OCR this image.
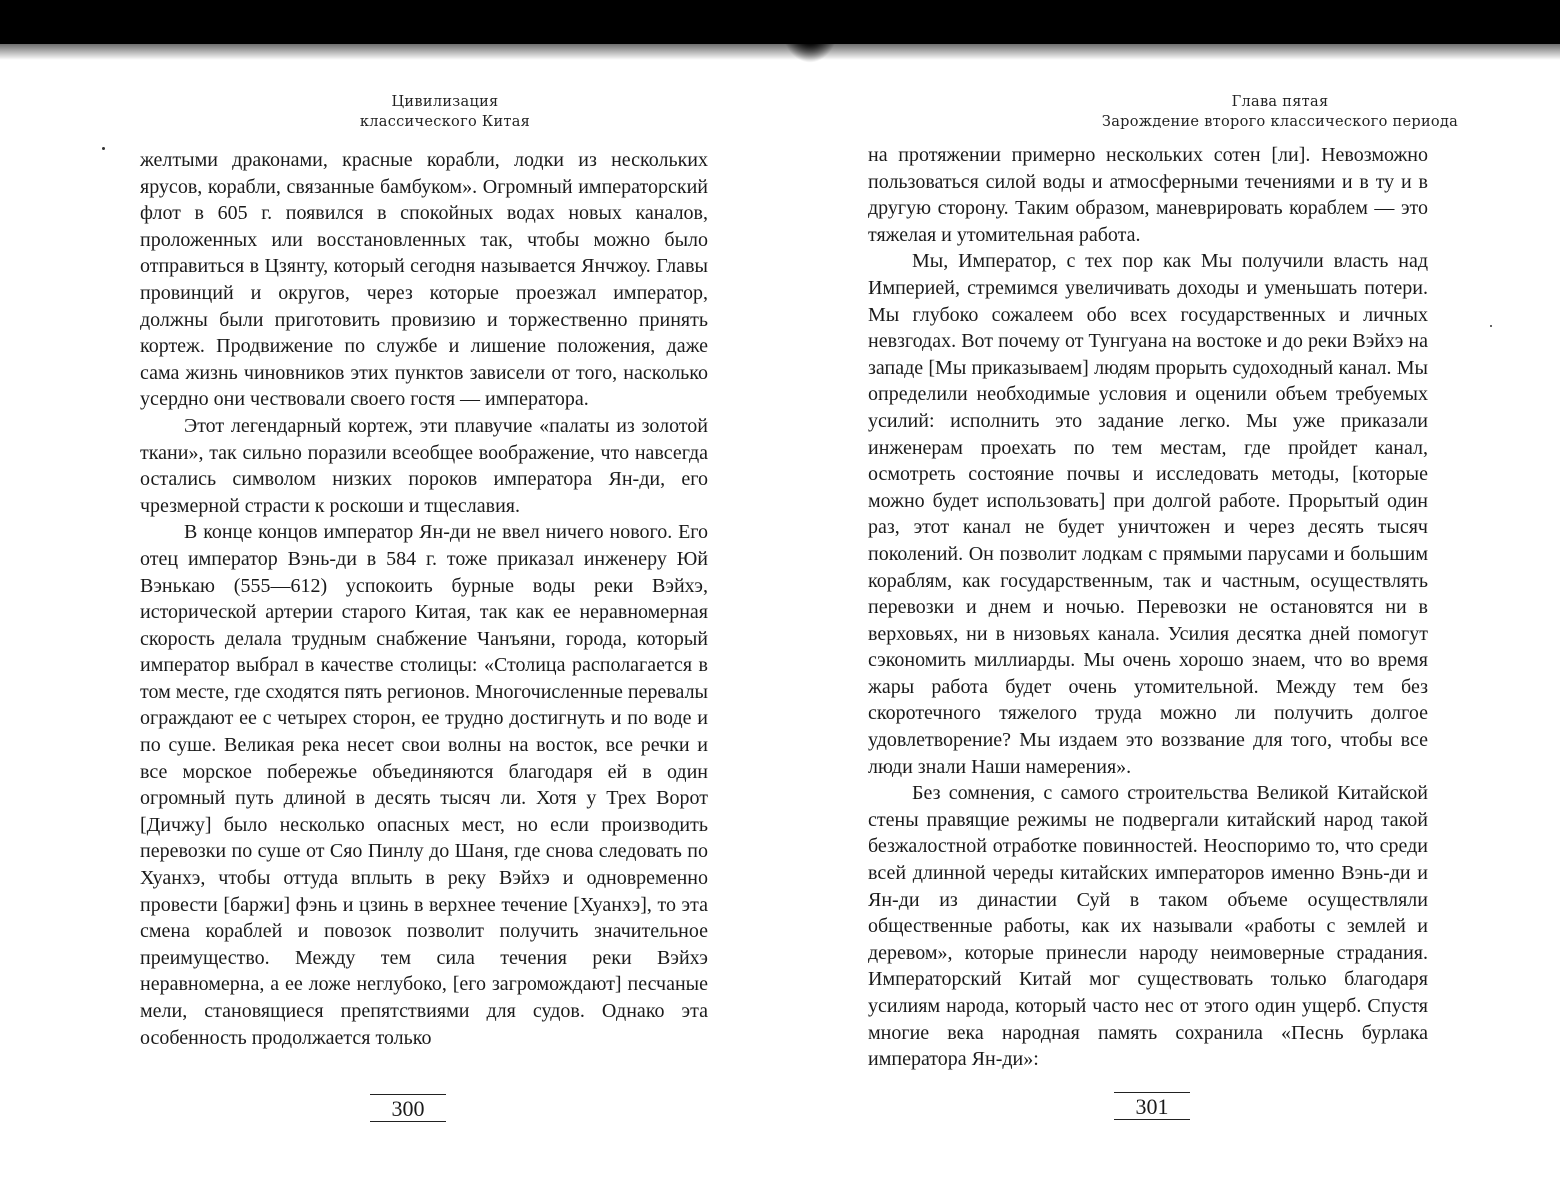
Цивилизация
классического Китая

желтыми драконами, красные корабли, лодки из нескольких ярусов, корабли, связанные бамбуком». Огромный императорский флот в 605 г. появился в спокойных водах новых каналов, проложенных или восстановленных так, чтобы можно было отправиться в Цзянту, который сегодня называется Янчжоу. Главы провинций и округов, через которые проезжал император, должны были приготовить провизию и торжественно принять кортеж. Продвижение по службе и лишение положения, даже сама жизнь чиновников этих пунктов зависели от того, насколько усердно они чествовали своего гостя — императора.

Этот легендарный кортеж, эти плавучие «палаты из золотой ткани», так сильно поразили всеобщее воображение, что навсегда остались символом низких пороков императора Ян-ди, его чрезмерной страсти к роскоши и тщеславия.

В конце концов император Ян-ди не ввел ничего нового. Его отец император Вэнь-ди в 584 г. тоже приказал инженеру Юй Вэнькаю (555—612) успокоить бурные воды реки Вэйхэ, исторической артерии старого Китая, так как ее неравномерная скорость делала трудным снабжение Чанъяни, города, который император выбрал в качестве столицы: «Столица располагается в том месте, где сходятся пять регионов. Многочисленные перевалы ограждают ее с четырех сторон, ее трудно достигнуть и по воде и по суше. Великая река несет свои волны на восток, все речки и все морское побережье объединяются благодаря ей в один огромный путь длиной в десять тысяч ли. Хотя у Трех Ворот [Дичжу] было несколько опасных мест, но если производить перевозки по суше от Сяо Пинлу до Шаня, где снова следовать по Хуанхэ, чтобы оттуда вплыть в реку Вэйхэ и одновременно провести [баржи] фэнь и цзинь в верхнее течение [Хуанхэ], то эта смена кораблей и повозок позволит получить значительное преимущество. Между тем сила течения реки Вэйхэ неравномерна, а ее ложе неглубоко, [его загромождают] песчаные мели, становящиеся препятствиями для судов. Однако эта особенность продолжается только

300
Глава пятая
Зарождение второго классического периода

на протяжении примерно нескольких сотен [ли]. Невозможно пользоваться силой воды и атмосферными течениями и в ту и в другую сторону. Таким образом, маневрировать кораблем — это тяжелая и утомительная работа.

Мы, Император, с тех пор как Мы получили власть над Империей, стремимся увеличивать доходы и уменьшать потери. Мы глубоко сожалеем обо всех государственных и личных невзгодах. Вот почему от Тунгуана на востоке и до реки Вэйхэ на западе [Мы приказываем] людям прорыть судоходный канал. Мы определили необходимые условия и оценили объем требуемых усилий: исполнить это задание легко. Мы уже приказали инженерам проехать по тем местам, где пройдет канал, осмотреть состояние почвы и исследовать методы, [которые можно будет использовать] при долгой работе. Прорытый один раз, этот канал не будет уничтожен и через десять тысяч поколений. Он позволит лодкам с прямыми парусами и большим кораблям, как государственным, так и частным, осуществлять перевозки и днем и ночью. Перевозки не остановятся ни в верховьях, ни в низовьях канала. Усилия десятка дней помогут сэкономить миллиарды. Мы очень хорошо знаем, что во время жары работа будет очень утомительной. Между тем без скоротечного тяжелого труда можно ли получить долгое удовлетворение? Мы издаем это воззвание для того, чтобы все люди знали Наши намерения».

Без сомнения, с самого строительства Великой Китайской стены правящие режимы не подвергали китайский народ такой безжалостной отработке повинностей. Неоспоримо то, что среди всей длинной череды китайских императоров именно Вэнь-ди и Ян-ди из династии Суй в таком объеме осуществляли общественные работы, как их называли «работы с землей и деревом», которые принесли народу неимоверные страдания. Императорский Китай мог существовать только благодаря усилиям народа, который часто нес от этого один ущерб. Спустя многие века народная память сохранила «Песнь бурлака императора Ян-ди»:

301
